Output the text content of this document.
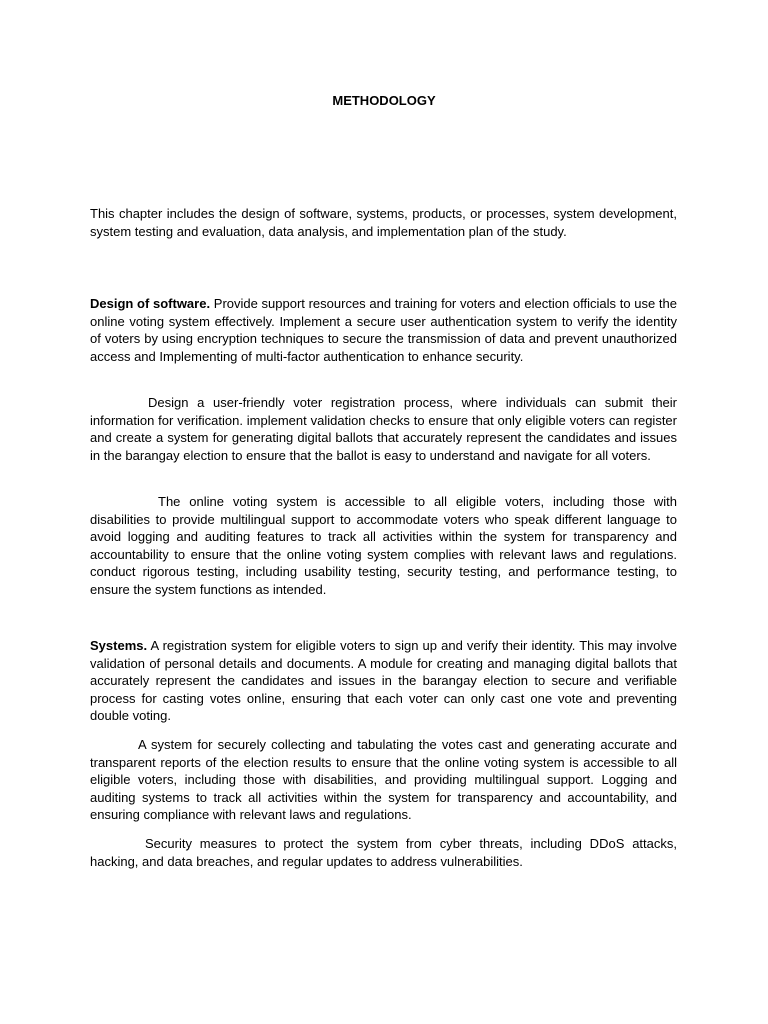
METHODOLOGY

This chapter includes the design of software, systems, products, or processes, system development, system testing and evaluation, data analysis, and implementation plan of the study.

Design of software. Provide support resources and training for voters and election officials to use the online voting system effectively. Implement a secure user authentication system to verify the identity of voters by using encryption techniques to secure the transmission of data and prevent unauthorized access and Implementing of multi-factor authentication to enhance security.

Design a user-friendly voter registration process, where individuals can submit their information for verification. implement validation checks to ensure that only eligible voters can register and create a system for generating digital ballots that accurately represent the candidates and issues in the barangay election to ensure that the ballot is easy to understand and navigate for all voters.

The online voting system is accessible to all eligible voters, including those with disabilities to provide multilingual support to accommodate voters who speak different language to avoid logging and auditing features to track all activities within the system for transparency and accountability to ensure that the online voting system complies with relevant laws and regulations. conduct rigorous testing, including usability testing, security testing, and performance testing, to ensure the system functions as intended.

Systems. A registration system for eligible voters to sign up and verify their identity. This may involve validation of personal details and documents. A module for creating and managing digital ballots that accurately represent the candidates and issues in the barangay election to secure and verifiable process for casting votes online, ensuring that each voter can only cast one vote and preventing double voting.

A system for securely collecting and tabulating the votes cast and generating accurate and transparent reports of the election results to ensure that the online voting system is accessible to all eligible voters, including those with disabilities, and providing multilingual support. Logging and auditing systems to track all activities within the system for transparency and accountability, and ensuring compliance with relevant laws and regulations.

Security measures to protect the system from cyber threats, including DDoS attacks, hacking, and data breaches, and regular updates to address vulnerabilities.
